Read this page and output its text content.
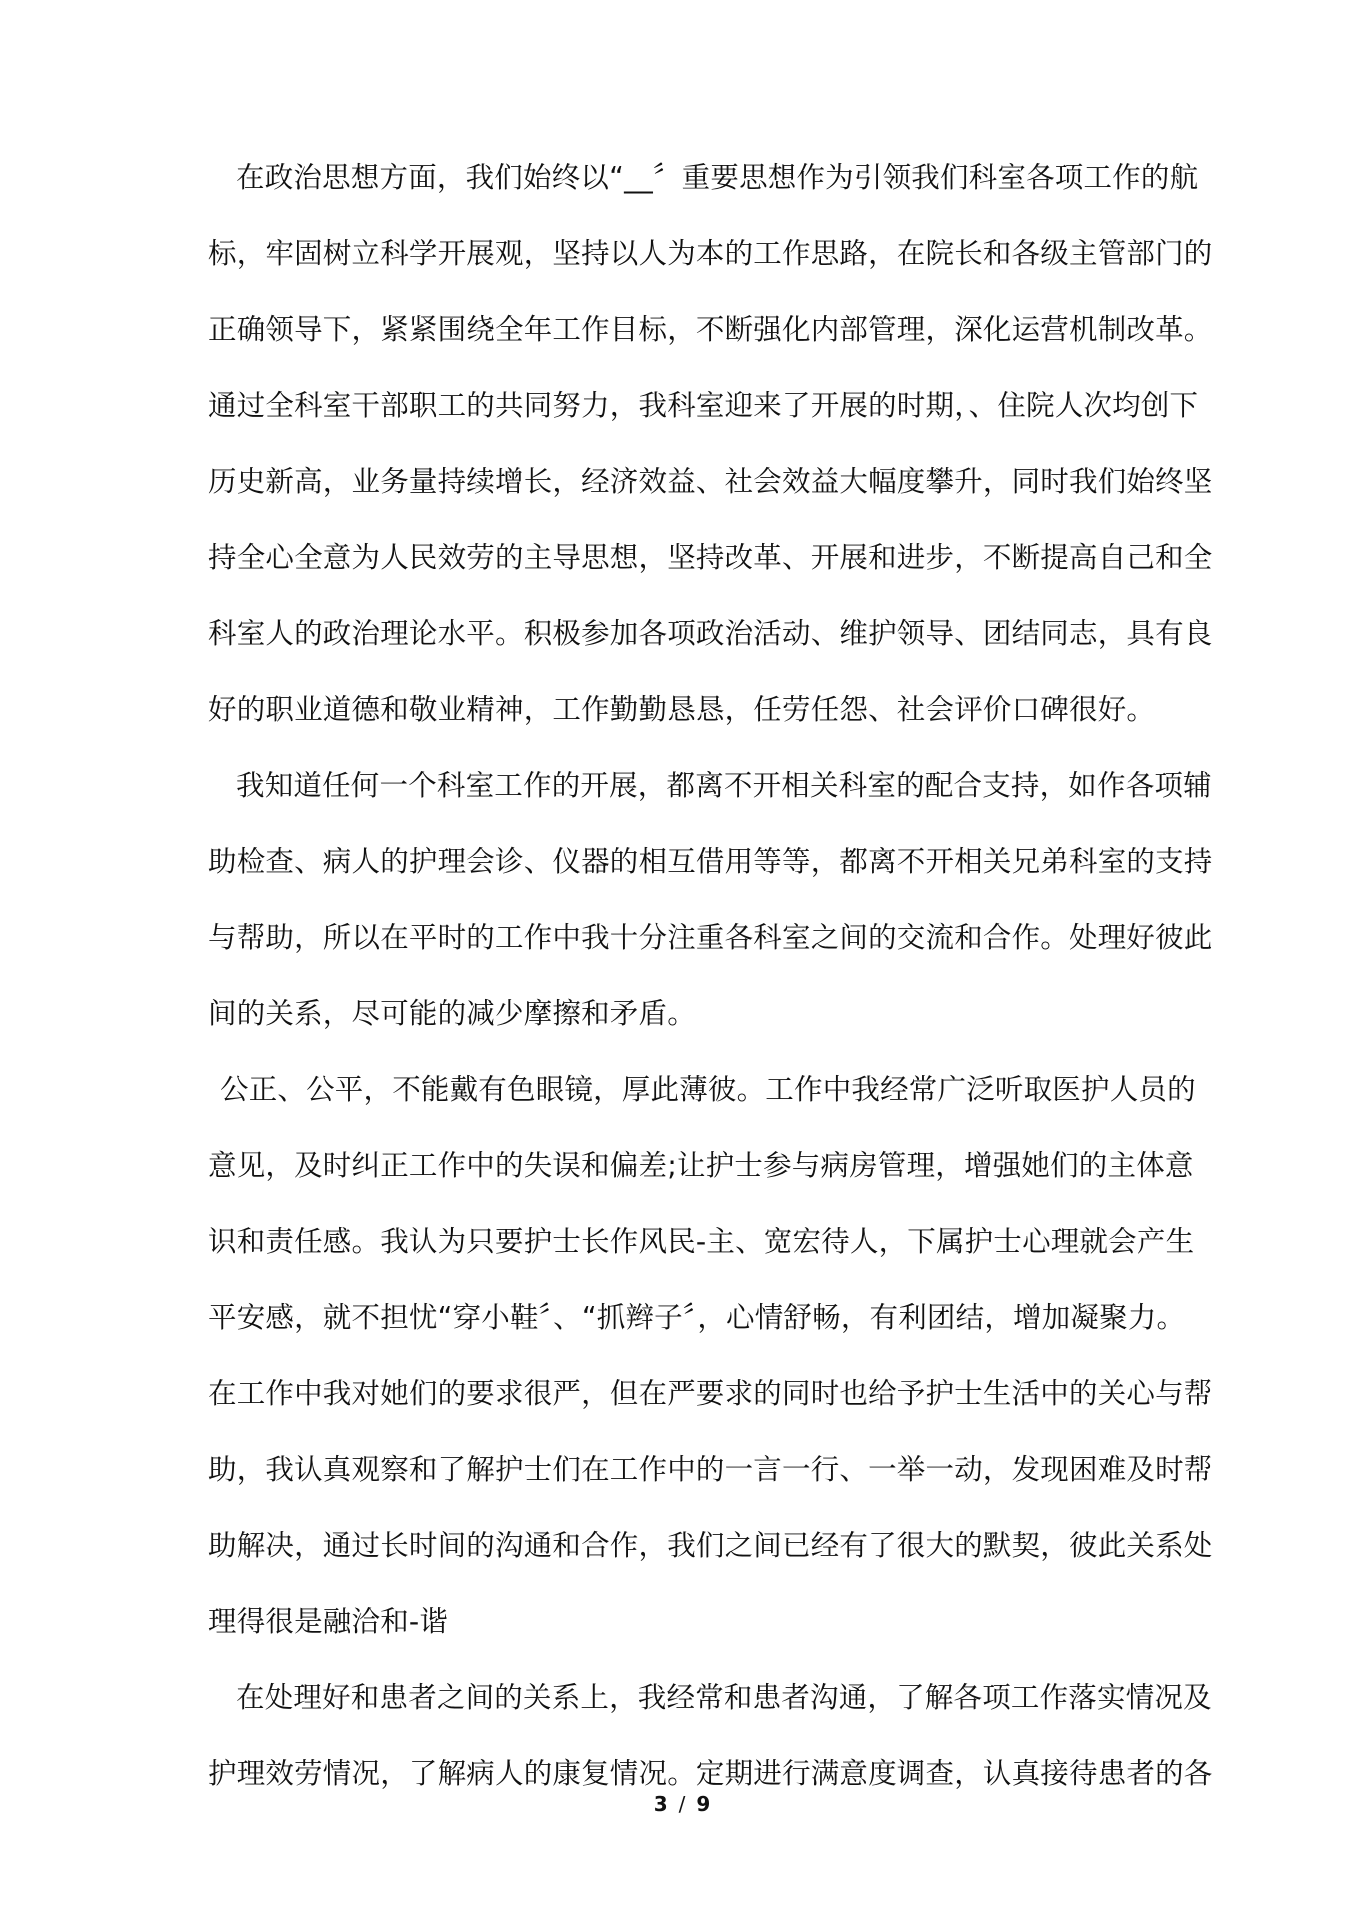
在政治思想方面，我们始终以“__〞重要思想作为引领我们科室各项工作的航
标，牢固树立科学开展观，坚持以人为本的工作思路，在院长和各级主管部门的
正确领导下，紧紧围绕全年工作目标，不断强化内部管理，深化运营机制改革。
通过全科室干部职工的共同努力，我科室迎来了开展的时期，、住院人次均创下
历史新高，业务量持续增长，经济效益、社会效益大幅度攀升，同时我们始终坚
持全心全意为人民效劳的主导思想，坚持改革、开展和进步，不断提高自己和全
科室人的政治理论水平。积极参加各项政治活动、维护领导、团结同志，具有良
好的职业道德和敬业精神，工作勤勤恳恳，任劳任怨、社会评价口碑很好。
我知道任何一个科室工作的开展，都离不开相关科室的配合支持，如作各项辅
助检查、病人的护理会诊、仪器的相互借用等等，都离不开相关兄弟科室的支持
与帮助，所以在平时的工作中我十分注重各科室之间的交流和合作。处理好彼此
间的关系，尽可能的减少摩擦和矛盾。
公正、公平，不能戴有色眼镜，厚此薄彼。工作中我经常广泛听取医护人员的
意见，及时纠正工作中的失误和偏差;让护士参与病房管理，增强她们的主体意
识和责任感。我认为只要护士长作风民-主、宽宏待人，下属护士心理就会产生
平安感，就不担忧“穿小鞋〞、“抓辫子〞，心情舒畅，有利团结，增加凝聚力。
在工作中我对她们的要求很严，但在严要求的同时也给予护士生活中的关心与帮
助，我认真观察和了解护士们在工作中的一言一行、一举一动，发现困难及时帮
助解决，通过长时间的沟通和合作，我们之间已经有了很大的默契，彼此关系处
理得很是融洽和-谐
在处理好和患者之间的关系上，我经常和患者沟通，了解各项工作落实情况及
护理效劳情况，了解病人的康复情况。定期进行满意度调查，认真接待患者的各
3 / 9
